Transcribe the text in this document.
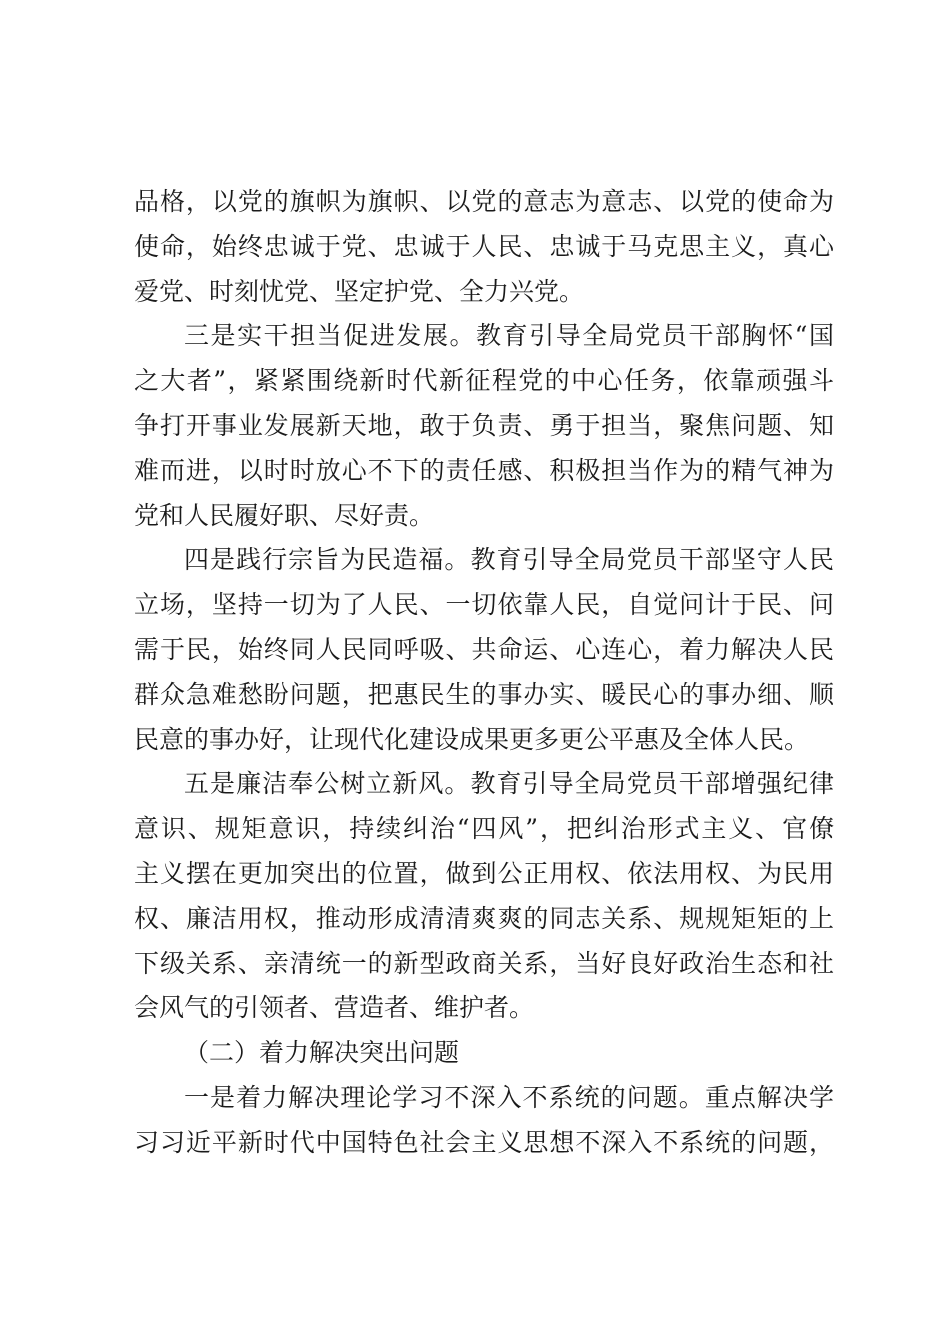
品格，以党的旗帜为旗帜、以党的意志为意志、以党的使命为
使命，始终忠诚于党、忠诚于人民、忠诚于马克思主义，真心
爱党、时刻忧党、坚定护党、全力兴党。
三是实干担当促进发展。教育引导全局党员干部胸怀“国
之大者”，紧紧围绕新时代新征程党的中心任务，依靠顽强斗
争打开事业发展新天地，敢于负责、勇于担当，聚焦问题、知
难而进，以时时放心不下的责任感、积极担当作为的精气神为
党和人民履好职、尽好责。
四是践行宗旨为民造福。教育引导全局党员干部坚守人民
立场，坚持一切为了人民、一切依靠人民，自觉问计于民、问
需于民，始终同人民同呼吸、共命运、心连心，着力解决人民
群众急难愁盼问题，把惠民生的事办实、暖民心的事办细、顺
民意的事办好，让现代化建设成果更多更公平惠及全体人民。
五是廉洁奉公树立新风。教育引导全局党员干部增强纪律
意识、规矩意识，持续纠治“四风”，把纠治形式主义、官僚
主义摆在更加突出的位置，做到公正用权、依法用权、为民用
权、廉洁用权，推动形成清清爽爽的同志关系、规规矩矩的上
下级关系、亲清统一的新型政商关系，当好良好政治生态和社
会风气的引领者、营造者、维护者。
（二）着力解决突出问题
一是着力解决理论学习不深入不系统的问题。重点解决学
习习近平新时代中国特色社会主义思想不深入不系统的问题，
